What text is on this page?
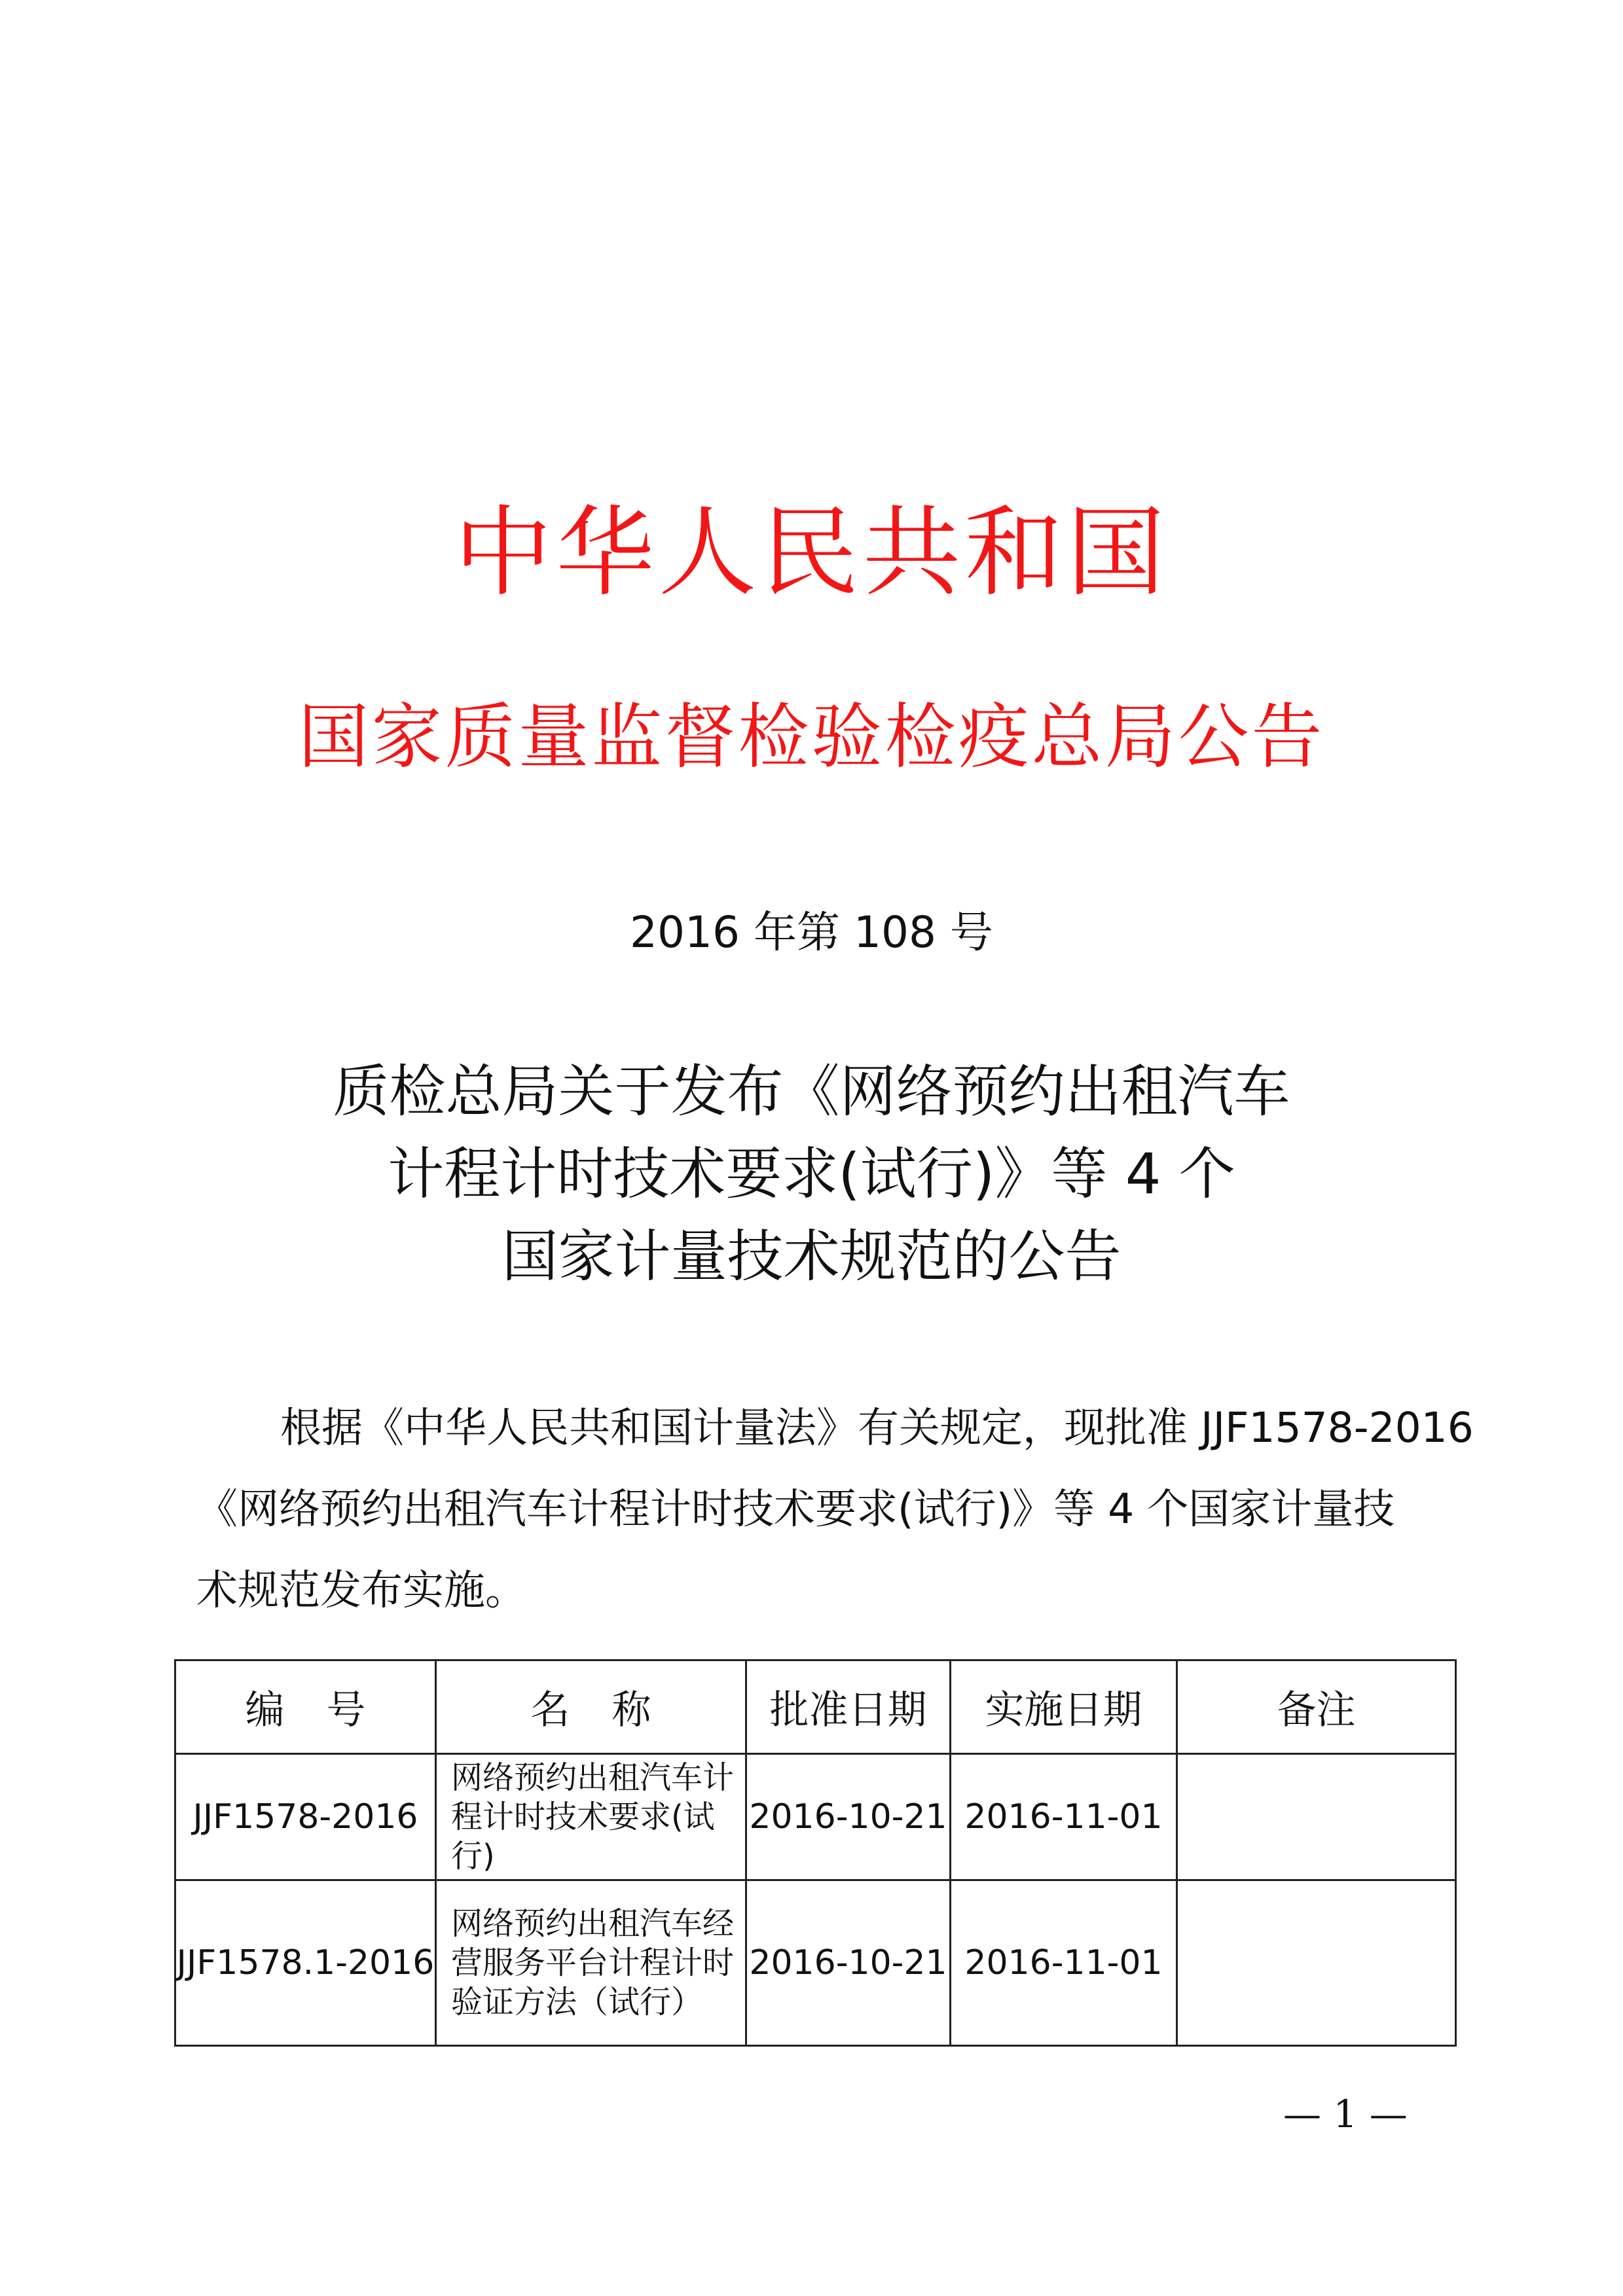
中华人民共和国
国家质量监督检验检疫总局公告
2016 年第 108 号
质检总局关于发布《网络预约出租汽车
计程计时技术要求(试行)》等 4 个
国家计量技术规范的公告
根据《中华人民共和国计量法》有关规定，现批准 JJF1578-2016
《网络预约出租汽车计程计时技术要求(试行)》等 4 个国家计量技
术规范发布实施。
编号	名称	批准日期	实施日期	备注
JJF1578-2016	网络预约出租汽车计程计时技术要求(试行)	2016-10-21	2016-11-01	
JJF1578.1-2016	网络预约出租汽车经营服务平台计程计时验证方法（试行）	2016-10-21	2016-11-01	
— 1 —
